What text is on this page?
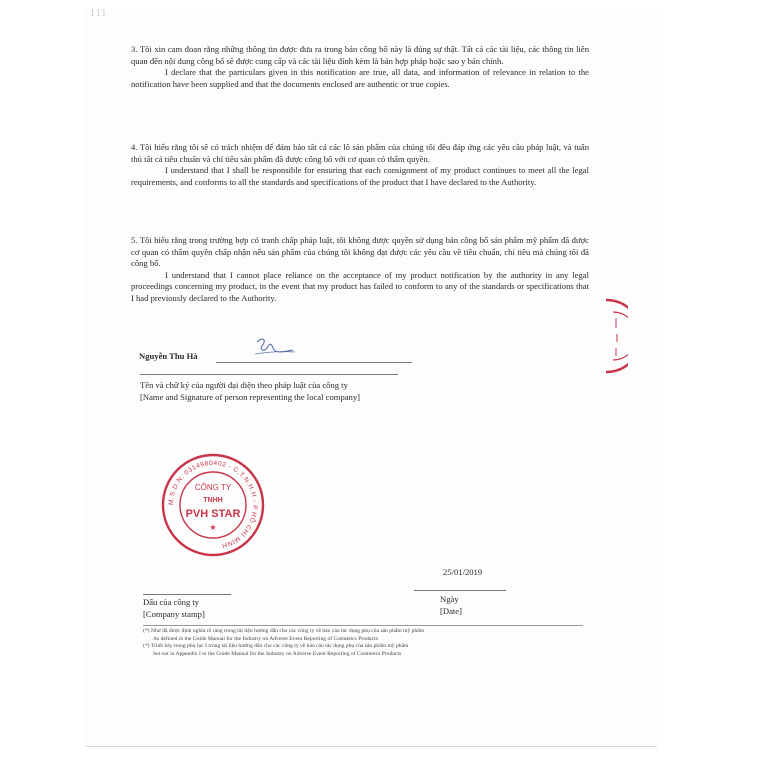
111

3. Tôi xin cam đoan rằng những thông tin được đưa ra trong bản công bố này là đúng sự thật. Tất cả các tài liệu, các thông tin liên quan đến nội dung công bố sẽ được cung cấp và các tài liệu đính kèm là bản hợp pháp hoặc sao y bản chính.

I declare that the particulars given in this notification are true, all data, and information of relevance in relation to the notification have been supplied and that the documents enclosed are authentic or true copies.

4. Tôi hiểu rằng tôi sẽ có trách nhiệm để đảm bảo tất cả các lô sản phẩm của chúng tôi đều đáp ứng các yêu cầu pháp luật, và tuân thủ tất cả tiêu chuẩn và chỉ tiêu sản phẩm đã được công bố với cơ quan có thẩm quyền.

I understand that I shall be responsible for ensuring that each consignment of my product continues to meet all the legal requirements, and conforms to all the standards and specifications of the product that I have declared to the Authority.

5. Tôi hiểu rằng trong trường hợp có tranh chấp pháp luật, tôi không được quyền sử dụng bản công bố sản phẩm mỹ phẩm đã được cơ quan có thẩm quyền chấp nhận nếu sản phẩm của chúng tôi không đạt được các yêu cầu về tiêu chuẩn, chỉ tiêu mà chúng tôi đã công bố.

I understand that I cannot place reliance on the acceptance of my product notification by the authority in any legal proceedings concerning my product, in the event that my product has failed to conform to any of the standards or specifications that I had previously declared to the Authority.

Nguyễn Thu Hà
Tên và chữ ký của người đại diện theo pháp luật của công ty
[Name and Signature of person representing the local company]
M.S.D.N: 0314980402 - C.T.N.H.H - P.HỒ CHÍ MINH
CÔNG TY
TNHH
PVH STAR
★
25/01/2019
Ngày
[Date]
Dấu của công ty
[Company stamp]
(*) Như đã được định nghĩa rõ ràng trong tài liệu hướng dẫn cho các công ty về báo cáo tác dụng phụ của sản phẩm mỹ phẩm
As defined in the Guide Manual for the Industry on Adverse Event Reporting of Cosmetics Products
(*) Trình bày trong phụ lục I trong tài liệu hướng dẫn cho các công ty về báo cáo tác dụng phụ của sản phẩm mỹ phẩm
Set out in Appendix I to the Guide Manual for the Industry on Adverse Event Reporting of Cosmetics Products
